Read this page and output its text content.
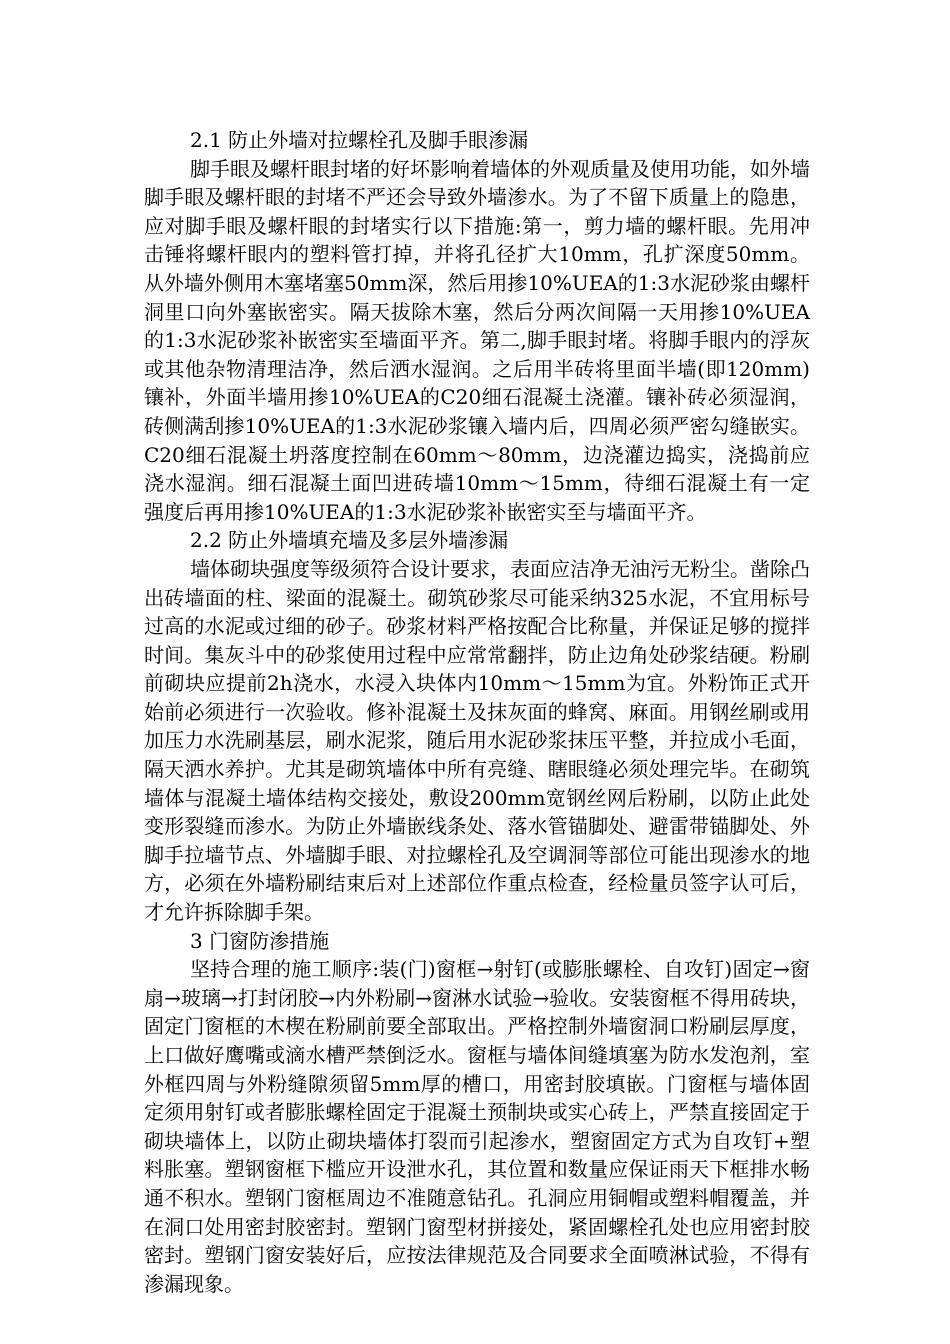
2.1 防止外墙对拉螺栓孔及脚手眼渗漏

脚手眼及螺杆眼封堵的好坏影响着墙体的外观质量及使用功能，如外墙脚手眼及螺杆眼的封堵不严还会导致外墙渗水。为了不留下质量上的隐患，应对脚手眼及螺杆眼的封堵实行以下措施:第一，剪力墙的螺杆眼。先用冲击锤将螺杆眼内的塑料管打掉，并将孔径扩大10mm，孔扩深度50mm。从外墙外侧用木塞堵塞50mm深，然后用掺10%UEA的1:3水泥砂浆由螺杆洞里口向外塞嵌密实。隔天拔除木塞，然后分两次间隔一天用掺10%UEA的1:3水泥砂浆补嵌密实至墙面平齐。第二,脚手眼封堵。将脚手眼内的浮灰或其他杂物清理洁净，然后洒水湿润。之后用半砖将里面半墙(即120mm)镶补，外面半墙用掺10%UEA的C20细石混凝土浇灌。镶补砖必须湿润，砖侧满刮掺10%UEA的1:3水泥砂浆镶入墙内后，四周必须严密勾缝嵌实。C20细石混凝土坍落度控制在60mm～80mm，边浇灌边捣实，浇捣前应浇水湿润。细石混凝土面凹进砖墙10mm～15mm，待细石混凝土有一定强度后再用掺10%UEA的1:3水泥砂浆补嵌密实至与墙面平齐。

2.2 防止外墙填充墙及多层外墙渗漏

墙体砌块强度等级须符合设计要求，表面应洁净无油污无粉尘。凿除凸出砖墙面的柱、梁面的混凝土。砌筑砂浆尽可能采纳325水泥，不宜用标号过高的水泥或过细的砂子。砂浆材料严格按配合比称量，并保证足够的搅拌时间。集灰斗中的砂浆使用过程中应常常翻拌，防止边角处砂浆结硬。粉刷前砌块应提前2h浇水，水浸入块体内10mm～15mm为宜。外粉饰正式开始前必须进行一次验收。修补混凝土及抹灰面的蜂窝、麻面。用钢丝刷或用加压力水洗刷基层，刷水泥浆，随后用水泥砂浆抹压平整，并拉成小毛面，隔天洒水养护。尤其是砌筑墙体中所有亮缝、瞎眼缝必须处理完毕。在砌筑墙体与混凝土墙体结构交接处，敷设200mm宽钢丝网后粉刷，以防止此处变形裂缝而渗水。为防止外墙嵌线条处、落水管锚脚处、避雷带锚脚处、外脚手拉墙节点、外墙脚手眼、对拉螺栓孔及空调洞等部位可能出现渗水的地方，必须在外墙粉刷结束后对上述部位作重点检查，经检量员签字认可后，才允许拆除脚手架。

3 门窗防渗措施

坚持合理的施工顺序:装(门)窗框→射钉(或膨胀螺栓、自攻钉)固定→窗扇→玻璃→打封闭胶→内外粉刷→窗淋水试验→验收。安装窗框不得用砖块，固定门窗框的木楔在粉刷前要全部取出。严格控制外墙窗洞口粉刷层厚度，上口做好鹰嘴或滴水槽严禁倒泛水。窗框与墙体间缝填塞为防水发泡剂，室外框四周与外粉缝隙须留5mm厚的槽口，用密封胶填嵌。门窗框与墙体固定须用射钉或者膨胀螺栓固定于混凝土预制块或实心砖上，严禁直接固定于砌块墙体上，以防止砌块墙体打裂而引起渗水，塑窗固定方式为自攻钉+塑料胀塞。塑钢窗框下槛应开设泄水孔，其位置和数量应保证雨天下框排水畅通不积水。塑钢门窗框周边不准随意钻孔。孔洞应用铜帽或塑料帽覆盖，并在洞口处用密封胶密封。塑钢门窗型材拼接处，紧固螺栓孔处也应用密封胶密封。塑钢门窗安装好后，应按法律规范及合同要求全面喷淋试验，不得有渗漏现象。
